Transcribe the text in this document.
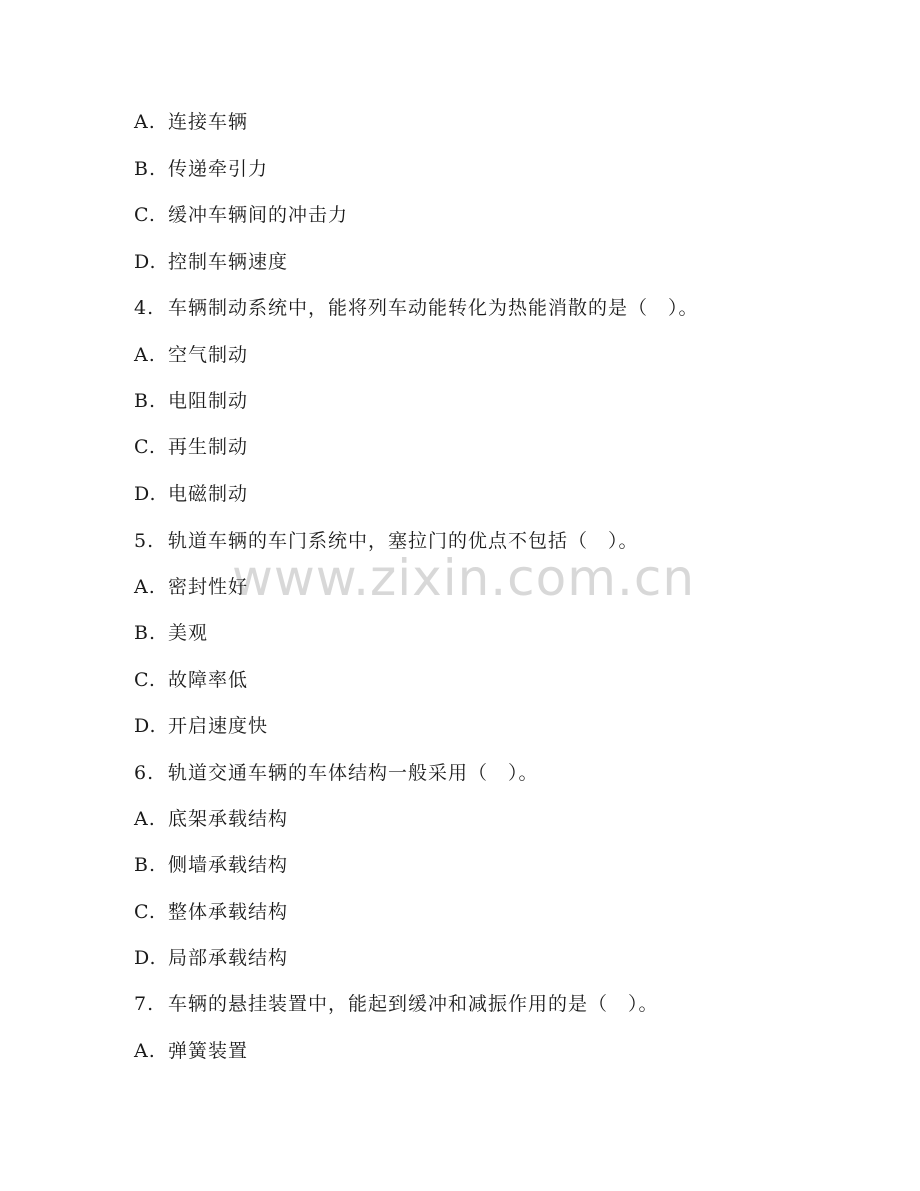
www.zixin.com.cn
A. 连接车辆
B. 传递牵引力
C. 缓冲车辆间的冲击力
D. 控制车辆速度
4. 车辆制动系统中，能将列车动能转化为热能消散的是（　）。
A. 空气制动
B. 电阻制动
C. 再生制动
D. 电磁制动
5. 轨道车辆的车门系统中，塞拉门的优点不包括（　）。
A. 密封性好
B. 美观
C. 故障率低
D. 开启速度快
6. 轨道交通车辆的车体结构一般采用（　）。
A. 底架承载结构
B. 侧墙承载结构
C. 整体承载结构
D. 局部承载结构
7. 车辆的悬挂装置中，能起到缓冲和减振作用的是（　）。
A. 弹簧装置
